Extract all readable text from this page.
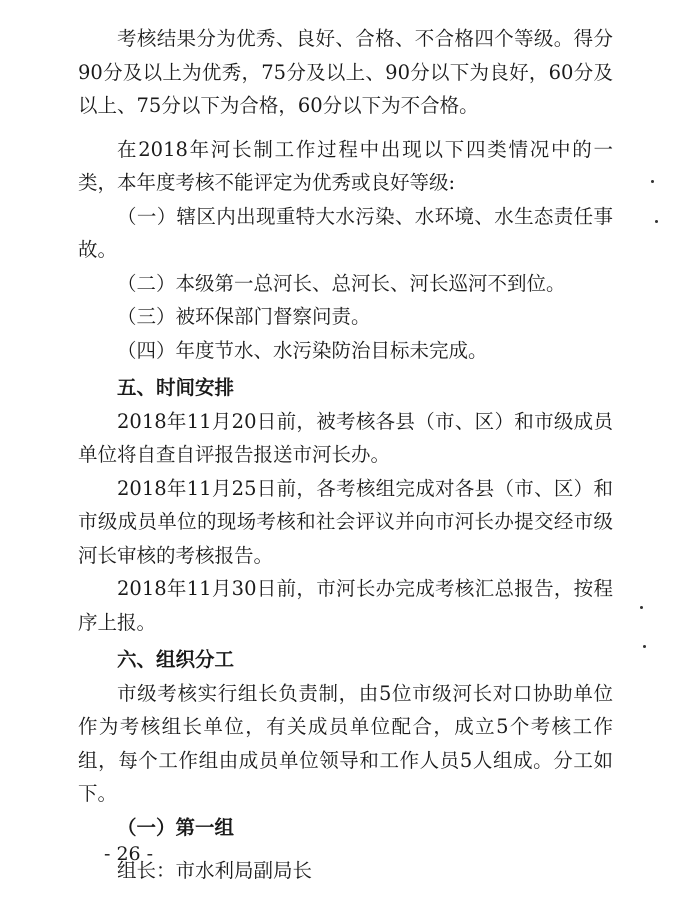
考核结果分为优秀、良好、合格、不合格四个等级。得分90分及以上为优秀，75分及以上、90分以下为良好，60分及以上、75分以下为合格，60分以下为不合格。

在2018年河长制工作过程中出现以下四类情况中的一类，本年度考核不能评定为优秀或良好等级:

（一）辖区内出现重特大水污染、水环境、水生态责任事故。

（二）本级第一总河长、总河长、河长巡河不到位。

（三）被环保部门督察问责。

（四）年度节水、水污染防治目标未完成。

五、时间安排

2018年11月20日前，被考核各县（市、区）和市级成员单位将自查自评报告报送市河长办。

2018年11月25日前，各考核组完成对各县（市、区）和市级成员单位的现场考核和社会评议并向市河长办提交经市级河长审核的考核报告。

2018年11月30日前，市河长办完成考核汇总报告，按程序上报。

六、组织分工

市级考核实行组长负责制，由5位市级河长对口协助单位作为考核组长单位，有关成员单位配合，成立5个考核工作组，每个工作组由成员单位领导和工作人员5人组成。分工如下。

（一）第一组

组长：市水利局副局长

- 26 -
